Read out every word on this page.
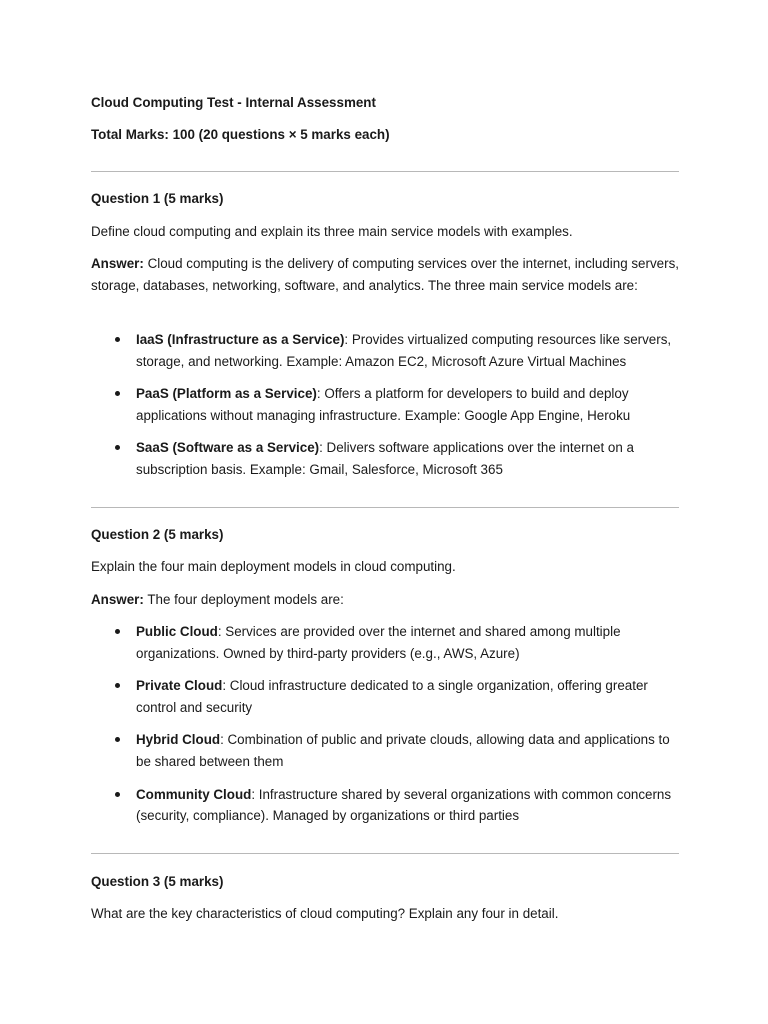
Cloud Computing Test - Internal Assessment
Total Marks: 100 (20 questions × 5 marks each)
Question 1 (5 marks)
Define cloud computing and explain its three main service models with examples.
Answer: Cloud computing is the delivery of computing services over the internet, including servers, storage, databases, networking, software, and analytics. The three main service models are:
IaaS (Infrastructure as a Service): Provides virtualized computing resources like servers, storage, and networking. Example: Amazon EC2, Microsoft Azure Virtual Machines
PaaS (Platform as a Service): Offers a platform for developers to build and deploy applications without managing infrastructure. Example: Google App Engine, Heroku
SaaS (Software as a Service): Delivers software applications over the internet on a subscription basis. Example: Gmail, Salesforce, Microsoft 365
Question 2 (5 marks)
Explain the four main deployment models in cloud computing.
Answer: The four deployment models are:
Public Cloud: Services are provided over the internet and shared among multiple organizations. Owned by third-party providers (e.g., AWS, Azure)
Private Cloud: Cloud infrastructure dedicated to a single organization, offering greater control and security
Hybrid Cloud: Combination of public and private clouds, allowing data and applications to be shared between them
Community Cloud: Infrastructure shared by several organizations with common concerns (security, compliance). Managed by organizations or third parties
Question 3 (5 marks)
What are the key characteristics of cloud computing? Explain any four in detail.
